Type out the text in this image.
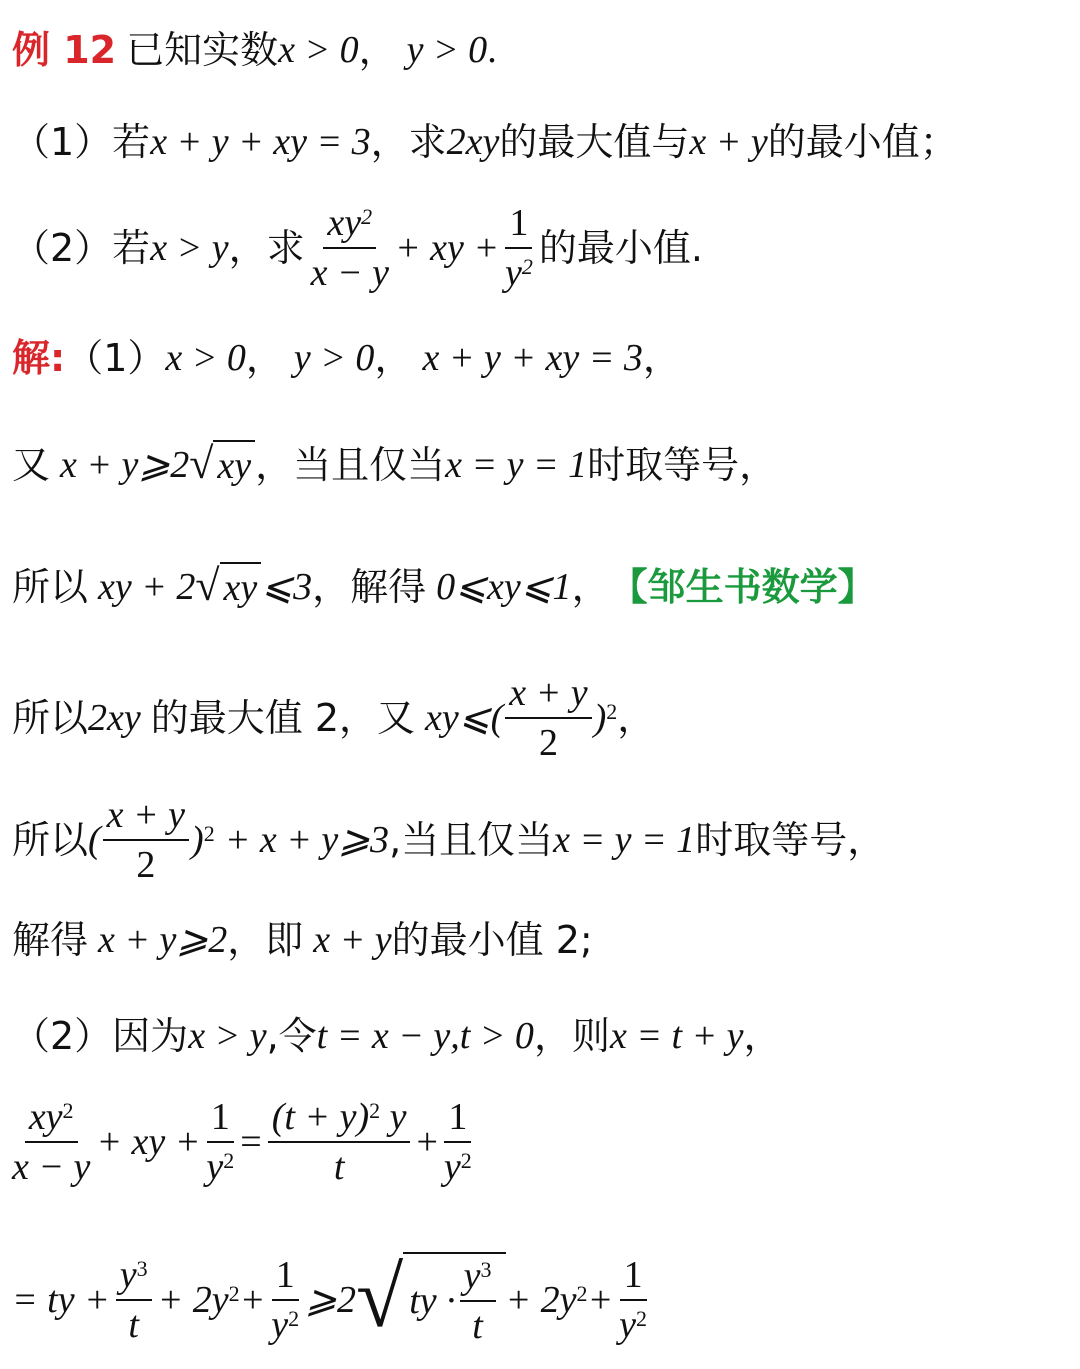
例 12 已知实数 x > 0 ， y > 0 .
（1）若 x + y + xy = 3 ，求 2xy 的最大值与 x + y 的最小值；
（2）若 x > y ，求 $\frac{xy^2}{x - y}$ + xy + $\frac{1}{y^2}$ 的最小值.
解: （1） x > 0 ， y > 0 ， x + y + xy = 3 ，
又 x + y⩾2 √ xy ，当且仅当 x = y = 1 时取等号，
所以 xy + 2 √ xy ⩽3 ，解得 0⩽xy⩽1 ， 【邹生书数学】
所以 2xy 的最大值 2，又 xy⩽( $\frac{x + y}{2} )^2$ ，
所以 ( $\frac{x + y}{2} )^2 + x$ + y⩾3 ,当且仅当 x = y = 1 时取等号，
解得 x + y⩾2 ，即 x + y 的最小值 2;
（2）因为 x > y ,令 t = x − y , t > 0 ，则 x = t + y ，
$\frac{xy^2}{x - y}$ + xy + $\frac{1}{y^2} = \frac{(t + y)^2 y}{t} + \frac{1}{y^2}$
= ty + $\frac{y^3}{t} + 2y^2 + \frac{1}{y^2}$ ⩾2 √ ty · $\frac{y^3}{t} + 2y^2 + \frac{1}{y^2}$
